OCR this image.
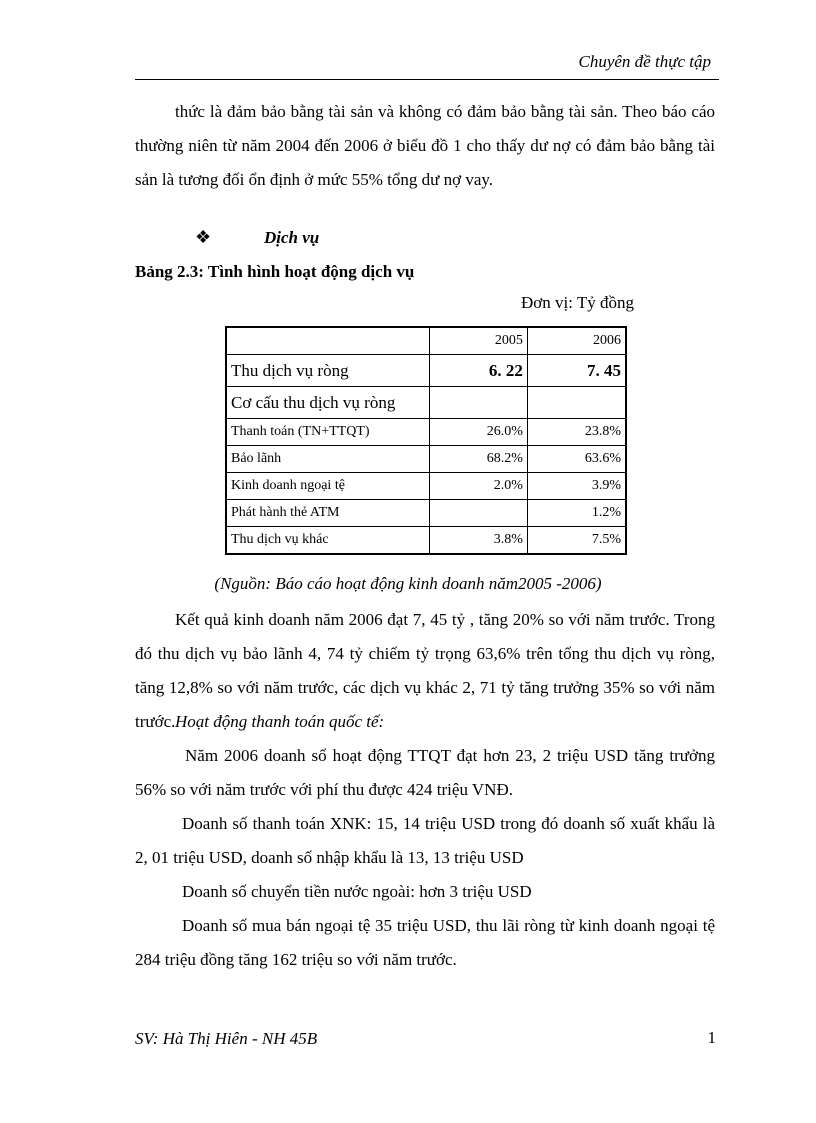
Chuyên đề thực tập
thức là đảm bảo bằng tài sản và không có đảm bảo bằng tài sản. Theo báo cáo thường niên từ năm 2004 đến 2006 ở biểu đồ 1 cho thấy dư nợ có đảm bảo bằng tài sản là tương đối ổn định ở mức 55% tổng dư nợ vay.
❖	Dịch vụ
Bảng 2.3: Tình hình hoạt động dịch vụ
Đơn vị: Tỷ đồng
	2005	2006
Thu dịch vụ ròng	6. 22	7. 45
Cơ cấu thu dịch vụ ròng		
Thanh toán (TN+TTQT)	26.0%	23.8%
Bảo lãnh	68.2%	63.6%
Kinh doanh ngoại tệ	2.0%	3.9%
Phát hành thẻ ATM		1.2%
Thu dịch vụ khác	3.8%	7.5%
(Nguồn: Báo cáo hoạt động kinh doanh năm2005 -2006)
Kết quả kinh doanh năm 2006 đạt 7, 45 tỷ , tăng 20% so với năm trước. Trong đó thu dịch vụ bảo lãnh 4, 74 tỷ chiếm tỷ trọng 63,6% trên tổng thu dịch vụ ròng, tăng 12,8% so với năm trước, các dịch vụ khác 2, 71 tỷ tăng trưởng 35% so với năm trước. Hoạt động thanh toán quốc tế:
Năm 2006 doanh số hoạt động TTQT đạt hơn 23, 2 triệu USD tăng trưởng 56% so với năm trước với phí thu được 424 triệu VNĐ.
Doanh số thanh toán XNK: 15, 14 triệu USD trong đó doanh số xuất khẩu là 2, 01 triệu USD, doanh số nhập khẩu là 13, 13 triệu USD
Doanh số chuyển tiền nước ngoài: hơn 3 triệu USD
Doanh số mua bán ngoại tệ 35 triệu USD, thu lãi ròng từ kinh doanh ngoại tệ 284 triệu đồng tăng 162 triệu so với năm trước.
SV: Hà Thị Hiên - NH 45B	1
